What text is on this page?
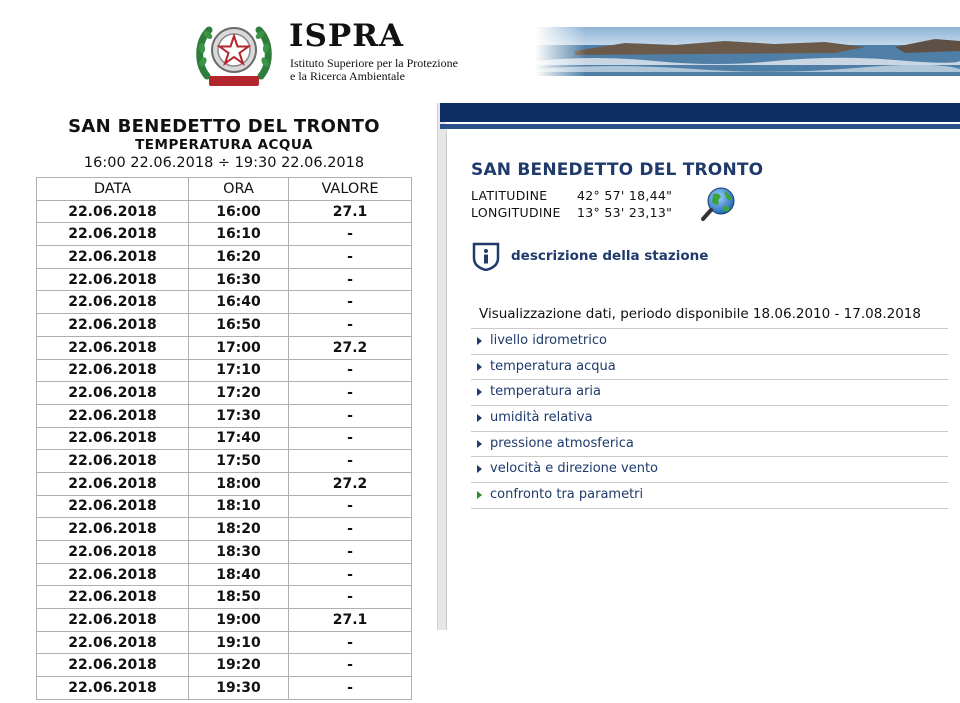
ISPRA
Istituto Superiore per la Protezione
e la Ricerca Ambientale
SAN BENEDETTO DEL TRONTO
TEMPERATURA ACQUA
16:00 22.06.2018 ÷ 19:30 22.06.2018
DATA	ORA	VALORE
22.06.2018	16:00	27.1
22.06.2018	16:10	-
22.06.2018	16:20	-
22.06.2018	16:30	-
22.06.2018	16:40	-
22.06.2018	16:50	-
22.06.2018	17:00	27.2
22.06.2018	17:10	-
22.06.2018	17:20	-
22.06.2018	17:30	-
22.06.2018	17:40	-
22.06.2018	17:50	-
22.06.2018	18:00	27.2
22.06.2018	18:10	-
22.06.2018	18:20	-
22.06.2018	18:30	-
22.06.2018	18:40	-
22.06.2018	18:50	-
22.06.2018	19:00	27.1
22.06.2018	19:10	-
22.06.2018	19:20	-
22.06.2018	19:30	-
SAN BENEDETTO DEL TRONTO
LATITUDINE 42° 57' 18,44"
LONGITUDINE 13° 53' 23,13"
descrizione della stazione
Visualizzazione dati, periodo disponibile 18.06.2010 - 17.08.2018
livello idrometrico
temperatura acqua
temperatura aria
umidità relativa
pressione atmosferica
velocità e direzione vento
confronto tra parametri
